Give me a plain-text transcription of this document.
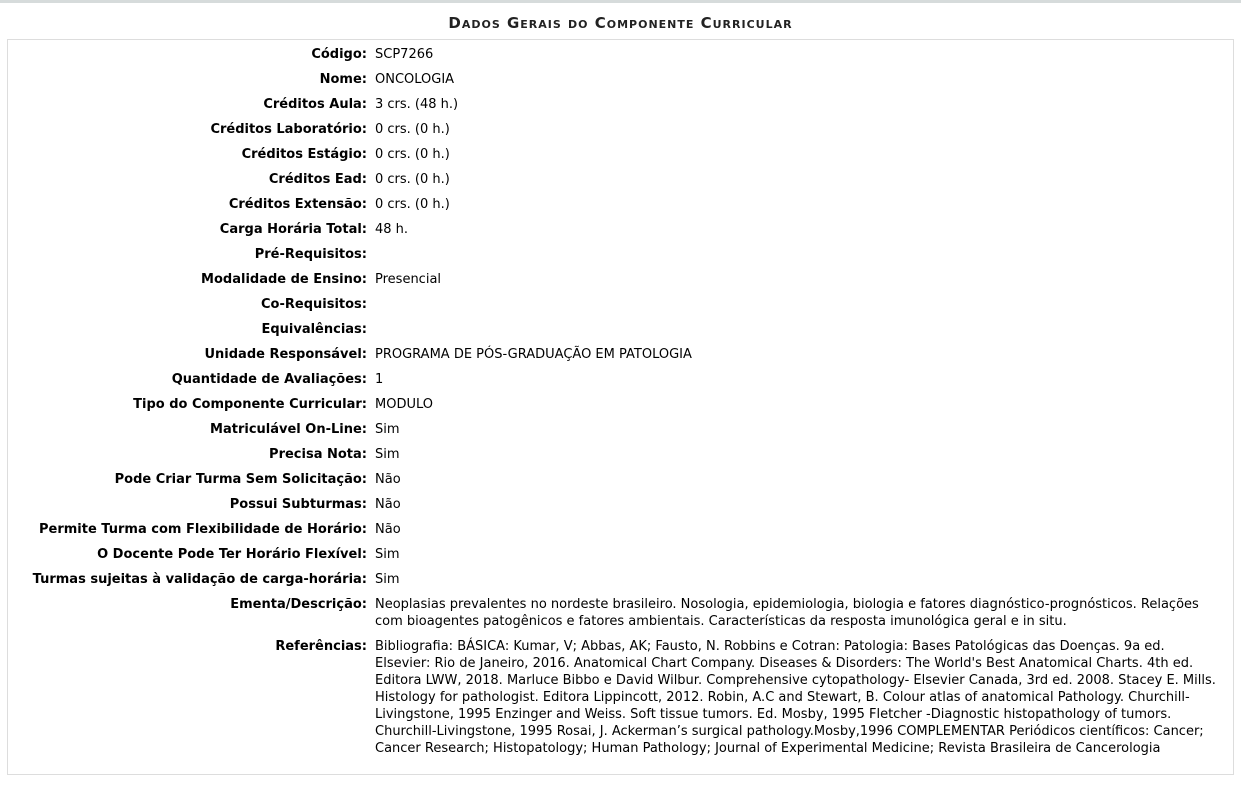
Dados Gerais do Componente Curricular
Código:	SCP7266
Nome:	ONCOLOGIA
Créditos Aula:	3 crs. (48 h.)
Créditos Laboratório:	0 crs. (0 h.)
Créditos Estágio:	0 crs. (0 h.)
Créditos Ead:	0 crs. (0 h.)
Créditos Extensão:	0 crs. (0 h.)
Carga Horária Total:	48 h.
Pré-Requisitos:	
Modalidade de Ensino:	Presencial
Co-Requisitos:	
Equivalências:	
Unidade Responsável:	PROGRAMA DE PÓS-GRADUAÇÃO EM PATOLOGIA
Quantidade de Avaliações:	1
Tipo do Componente Curricular:	MODULO
Matriculável On-Line:	Sim
Precisa Nota:	Sim
Pode Criar Turma Sem Solicitação:	Não
Possui Subturmas:	Não
Permite Turma com Flexibilidade de Horário:	Não
O Docente Pode Ter Horário Flexível:	Sim
Turmas sujeitas à validação de carga-horária:	Sim
Ementa/Descrição:	Neoplasias prevalentes no nordeste brasileiro. Nosologia, epidemiologia, biologia e fatores diagnóstico-prognósticos. Relações com bioagentes patogênicos e fatores ambientais. Características da resposta imunológica geral e in situ.
Referências:	Bibliografia: BÁSICA: Kumar, V; Abbas, AK; Fausto, N. Robbins e Cotran: Patologia: Bases Patológicas das Doenças. 9a ed. Elsevier: Rio de Janeiro, 2016. Anatomical Chart Company. Diseases & Disorders: The World's Best Anatomical Charts. 4th ed. Editora LWW, 2018. Marluce Bibbo e David Wilbur. Comprehensive cytopathology- Elsevier Canada, 3rd ed. 2008. Stacey E. Mills. Histology for pathologist. Editora Lippincott, 2012. Robin, A.C and Stewart, B. Colour atlas of anatomical Pathology. Churchill-Livingstone, 1995 Enzinger and Weiss. Soft tissue tumors. Ed. Mosby, 1995 Fletcher -Diagnostic histopathology of tumors. Churchill-Livingstone, 1995 Rosai, J. Ackerman’s surgical pathology.Mosby,1996 COMPLEMENTAR Periódicos científicos: Cancer; Cancer Research; Histopatology; Human Pathology; Journal of Experimental Medicine; Revista Brasileira de Cancerologia
